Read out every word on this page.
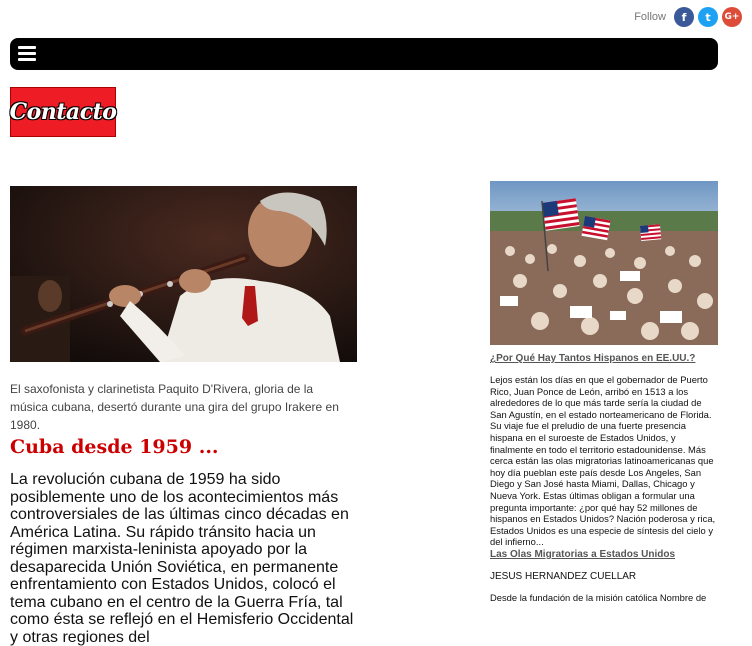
Follow	f	t	G+
Contacto
El saxofonista y clarinetista Paquito D'Rivera, gloria de la música cubana, desertó durante una gira del grupo Irakere en 1980.
Cuba desde 1959 ...
La revolución cubana de 1959 ha sido posiblemente uno de los acontecimientos más controversiales de las últimas cinco décadas en América Latina. Su rápido tránsito hacia un régimen marxista-leninista apoyado por la desaparecida Unión Soviética, en permanente enfrentamiento con Estados Unidos, colocó el tema cubano en el centro de la Guerra Fría, tal como ésta se reflejó en el Hemisferio Occidental y otras regiones del
¿Por Qué Hay Tantos Hispanos en EE.UU.?
Lejos están los días en que el gobernador de Puerto Rico, Juan Ponce de León, arribó en 1513 a los alrededores de lo que más tarde sería la ciudad de San Agustín, en el estado norteamericano de Florida. Su viaje fue el preludio de una fuerte presencia hispana en el suroeste de Estados Unidos, y finalmente en todo el territorio estadounidense. Más cerca están las olas migratorias latinoamericanas que hoy día pueblan este país desde Los Angeles, San Diego y San José hasta Miami, Dallas, Chicago y Nueva York. Estas últimas obligan a formular una pregunta importante: ¿por qué hay 52 millones de hispanos en Estados Unidos? Nación poderosa y rica, Estados Unidos es una especie de síntesis del cielo y del infierno...
Las Olas Migratorias a Estados Unidos
JESUS HERNANDEZ CUELLAR
Desde la fundación de la misión católica Nombre de
